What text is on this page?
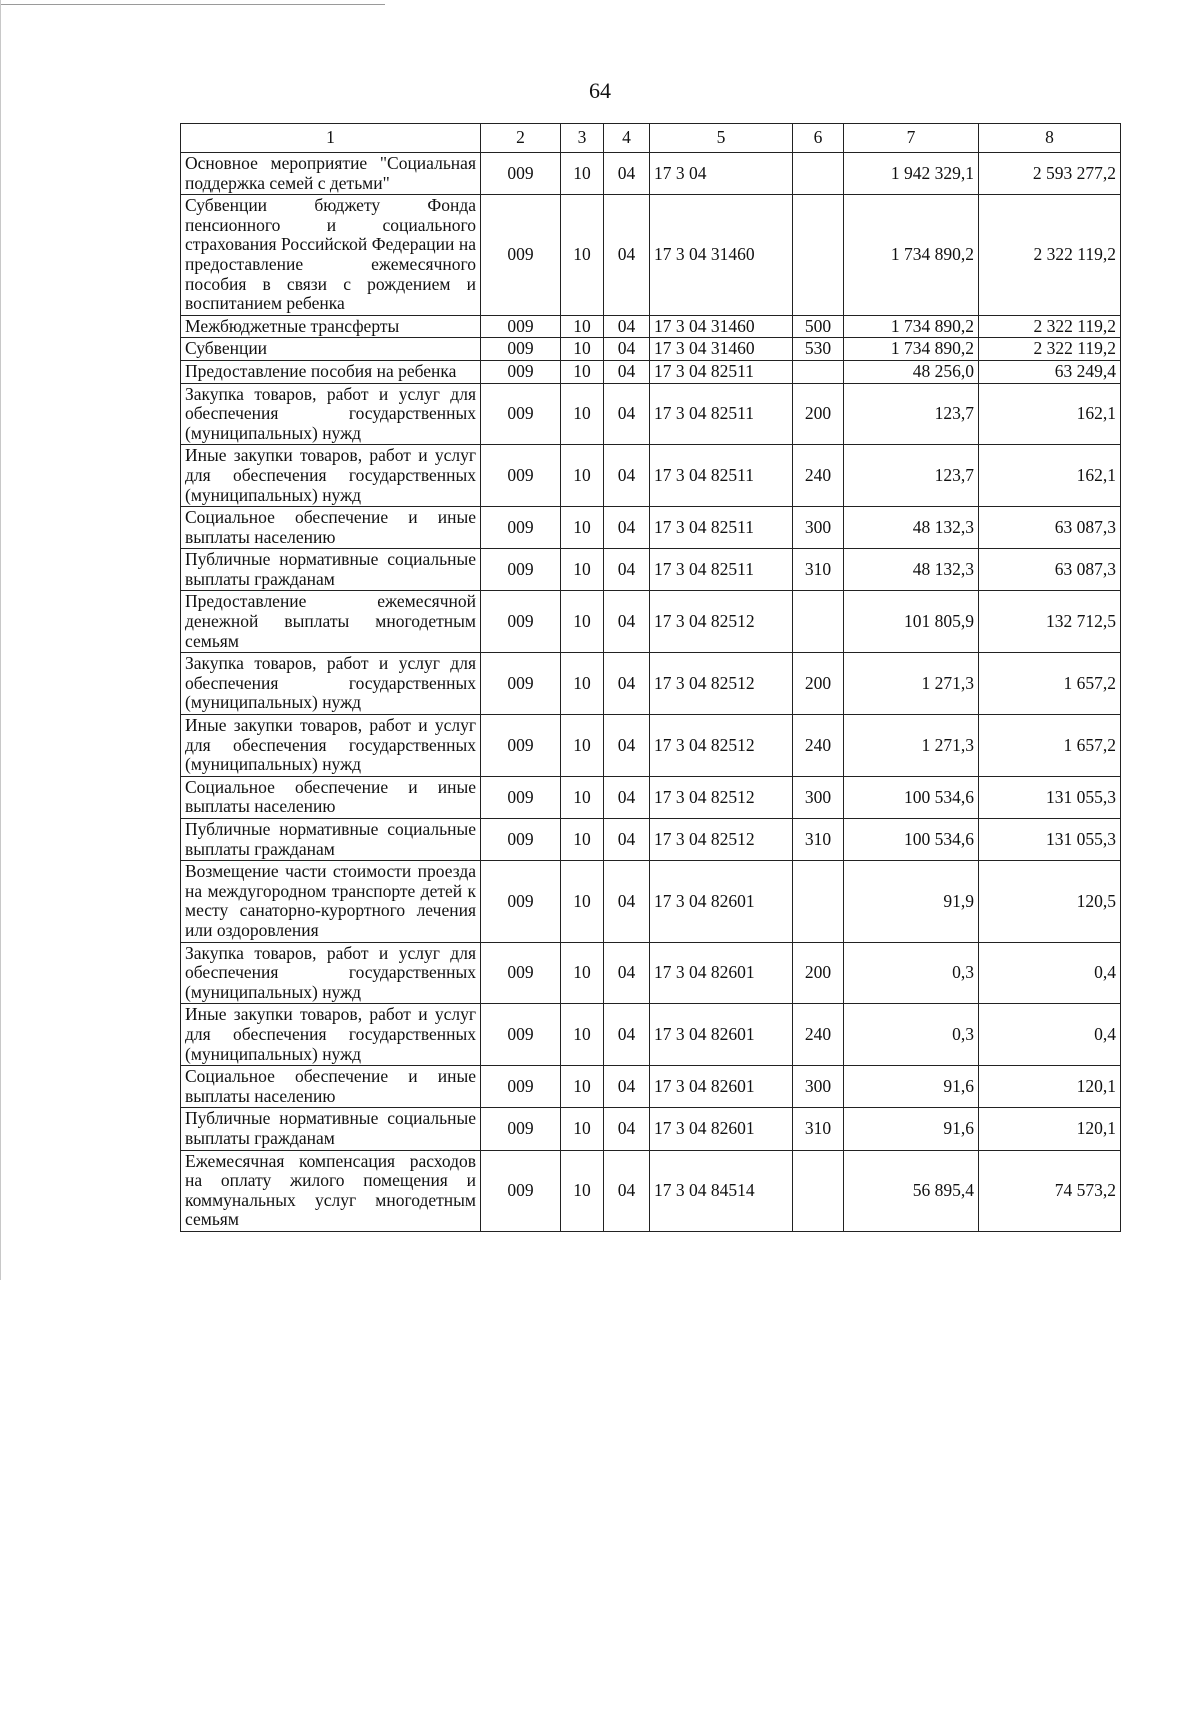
64
1	2	3	4	5	6	7	8
Основное мероприятие "Социальная поддержка семей с детьми"	009	10	04	17 3 04		1 942 329,1	2 593 277,2
Субвенции бюджету Фонда пенсионного и социального страхования Российской Федерации на предоставление ежемесячного пособия в связи с рождением и воспитанием ребенка	009	10	04	17 3 04 31460		1 734 890,2	2 322 119,2
Межбюджетные трансферты	009	10	04	17 3 04 31460	500	1 734 890,2	2 322 119,2
Субвенции	009	10	04	17 3 04 31460	530	1 734 890,2	2 322 119,2
Предоставление пособия на ребенка	009	10	04	17 3 04 82511		48 256,0	63 249,4
Закупка товаров, работ и услуг для обеспечения государственных (муниципальных) нужд	009	10	04	17 3 04 82511	200	123,7	162,1
Иные закупки товаров, работ и услуг для обеспечения государственных (муниципальных) нужд	009	10	04	17 3 04 82511	240	123,7	162,1
Социальное обеспечение и иные выплаты населению	009	10	04	17 3 04 82511	300	48 132,3	63 087,3
Публичные нормативные социальные выплаты гражданам	009	10	04	17 3 04 82511	310	48 132,3	63 087,3
Предоставление ежемесячной денежной выплаты многодетным семьям	009	10	04	17 3 04 82512		101 805,9	132 712,5
Закупка товаров, работ и услуг для обеспечения государственных (муниципальных) нужд	009	10	04	17 3 04 82512	200	1 271,3	1 657,2
Иные закупки товаров, работ и услуг для обеспечения государственных (муниципальных) нужд	009	10	04	17 3 04 82512	240	1 271,3	1 657,2
Социальное обеспечение и иные выплаты населению	009	10	04	17 3 04 82512	300	100 534,6	131 055,3
Публичные нормативные социальные выплаты гражданам	009	10	04	17 3 04 82512	310	100 534,6	131 055,3
Возмещение части стоимости проезда на междугородном транспорте детей к месту санаторно-курортного лечения или оздоровления	009	10	04	17 3 04 82601		91,9	120,5
Закупка товаров, работ и услуг для обеспечения государственных (муниципальных) нужд	009	10	04	17 3 04 82601	200	0,3	0,4
Иные закупки товаров, работ и услуг для обеспечения государственных (муниципальных) нужд	009	10	04	17 3 04 82601	240	0,3	0,4
Социальное обеспечение и иные выплаты населению	009	10	04	17 3 04 82601	300	91,6	120,1
Публичные нормативные социальные выплаты гражданам	009	10	04	17 3 04 82601	310	91,6	120,1
Ежемесячная компенсация расходов на оплату жилого помещения и коммунальных услуг многодетным семьям	009	10	04	17 3 04 84514		56 895,4	74 573,2
